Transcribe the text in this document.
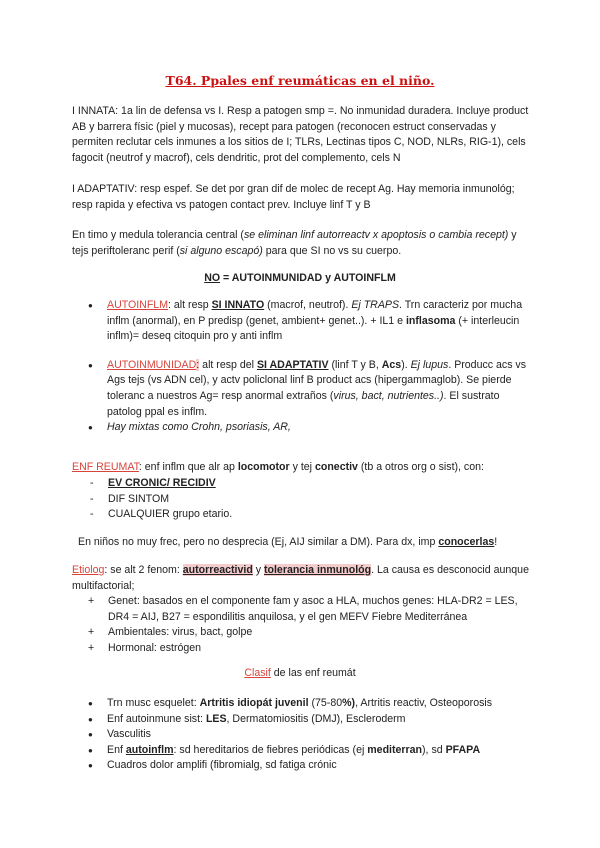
T64. Ppales enf reumáticas en el niño.

I INNATA: 1a lin de defensa vs I. Resp a patogen smp =. No inmunidad duradera. Incluye product AB y barrera físic (piel y mucosas), recept para patogen (reconocen estruct conservadas y permiten reclutar cels inmunes a los sitios de I; TLRs, Lectinas tipos C, NOD, NLRs, RIG-1), cels fagocit (neutrof y macrof), cels dendritic, prot del complemento, cels N

I ADAPTATIV: resp espef. Se det por gran dif de molec de recept Ag. Hay memoria inmunológ; resp rapida y efectiva vs patogen contact prev. Incluye linf T y B

En timo y medula tolerancia central (se eliminan linf autorreactv x apoptosis o cambia recept) y tejs periftoleranc perif (si alguno escapó) para que SI no vs su cuerpo.

NO = AUTOINMUNIDAD y AUTOINFLM

● AUTOINFLM: alt resp SI INNATO (macrof, neutrof). Ej TRAPS. Trn caracteriz por mucha inflm (anormal), en P predisp (genet, ambient+ genet..). + IL1 e inflasoma (+ interleucin inflm)= deseq citoquin pro y anti inflm
● AUTOINMUNIDAD: alt resp del SI ADAPTATIV (linf T y B, Acs). Ej lupus. Producc acs vs Ags tejs (vs ADN cel), y actv policlonal linf B product acs (hipergammaglob). Se pierde toleranc a nuestros Ag= resp anormal extraños (virus, bact, nutrientes..). El sustrato patolog ppal es inflm.
● Hay mixtas como Crohn, psoriasis, AR,

ENF REUMAT: enf inflm que alr ap locomotor y tej conectiv (tb a otros org o sist), con:

- EV CRONIC/ RECIDIV
- DIF SINTOM
- CUALQUIER grupo etario.

En niños no muy frec, pero no desprecia (Ej, AIJ similar a DM). Para dx, imp conocerlas!

Etiolog: se alt 2 fenom: autorreactivid y tolerancia inmunológ. La causa es desconocid aunque multifactorial;

+ Genet: basados en el componente fam y asoc a HLA, muchos genes: HLA-DR2 = LES, DR4 = AIJ, B27 = espondilitis anquilosa, y el gen MEFV Fiebre Mediterránea
+ Ambientales: virus, bact, golpe
+ Hormonal: estrógen

Clasif de las enf reumát

● Trn musc esquelet: Artritis idiopát juvenil (75-80%), Artritis reactiv, Osteoporosis
● Enf autoinmune sist: LES, Dermatomiositis (DMJ), Escleroderm
● Vasculitis
● Enf autoinflm: sd hereditarios de fiebres periódicas (ej mediterran), sd PFAPA
● Cuadros dolor amplifi (fibromialg, sd fatiga crónic
